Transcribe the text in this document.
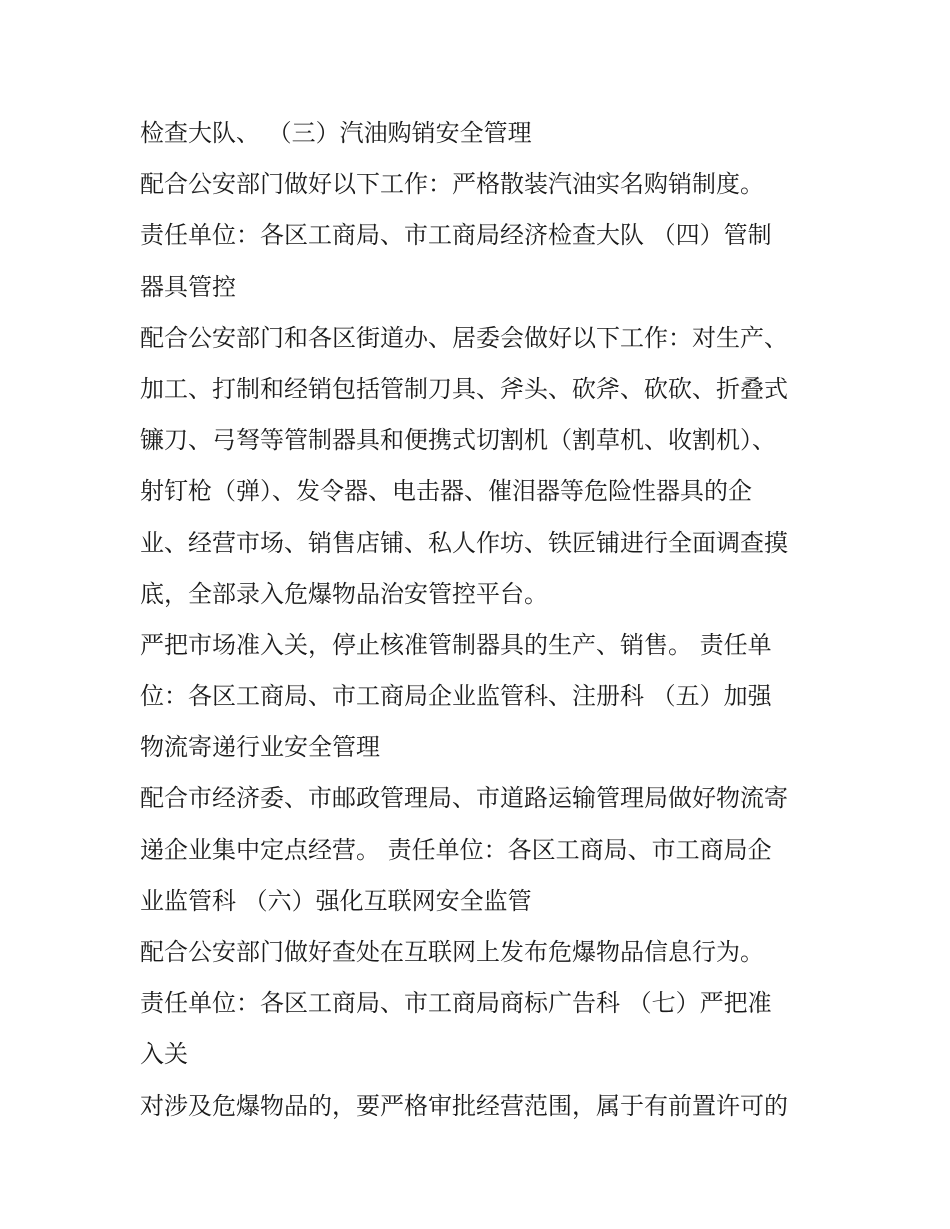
检查大队、 （三）汽油购销安全管理
配合公安部门做好以下工作：严格散装汽油实名购销制度。
责任单位：各区工商局、市工商局经济检查大队 （四）管制
器具管控
配合公安部门和各区街道办、居委会做好以下工作：对生产、
加工、打制和经销包括管制刀具、斧头、砍斧、砍砍、折叠式
镰刀、弓弩等管制器具和便携式切割机（割草机、收割机）、
射钉枪（弹）、发令器、电击器、催泪器等危险性器具的企
业、经营市场、销售店铺、私人作坊、铁匠铺进行全面调查摸
底，全部录入危爆物品治安管控平台。
严把市场准入关，停止核准管制器具的生产、销售。 责任单
位：各区工商局、市工商局企业监管科、注册科 （五）加强
物流寄递行业安全管理
配合市经济委、市邮政管理局、市道路运输管理局做好物流寄
递企业集中定点经营。 责任单位：各区工商局、市工商局企
业监管科 （六）强化互联网安全监管
配合公安部门做好查处在互联网上发布危爆物品信息行为。
责任单位：各区工商局、市工商局商标广告科 （七）严把准
入关
对涉及危爆物品的，要严格审批经营范围，属于有前置许可的
